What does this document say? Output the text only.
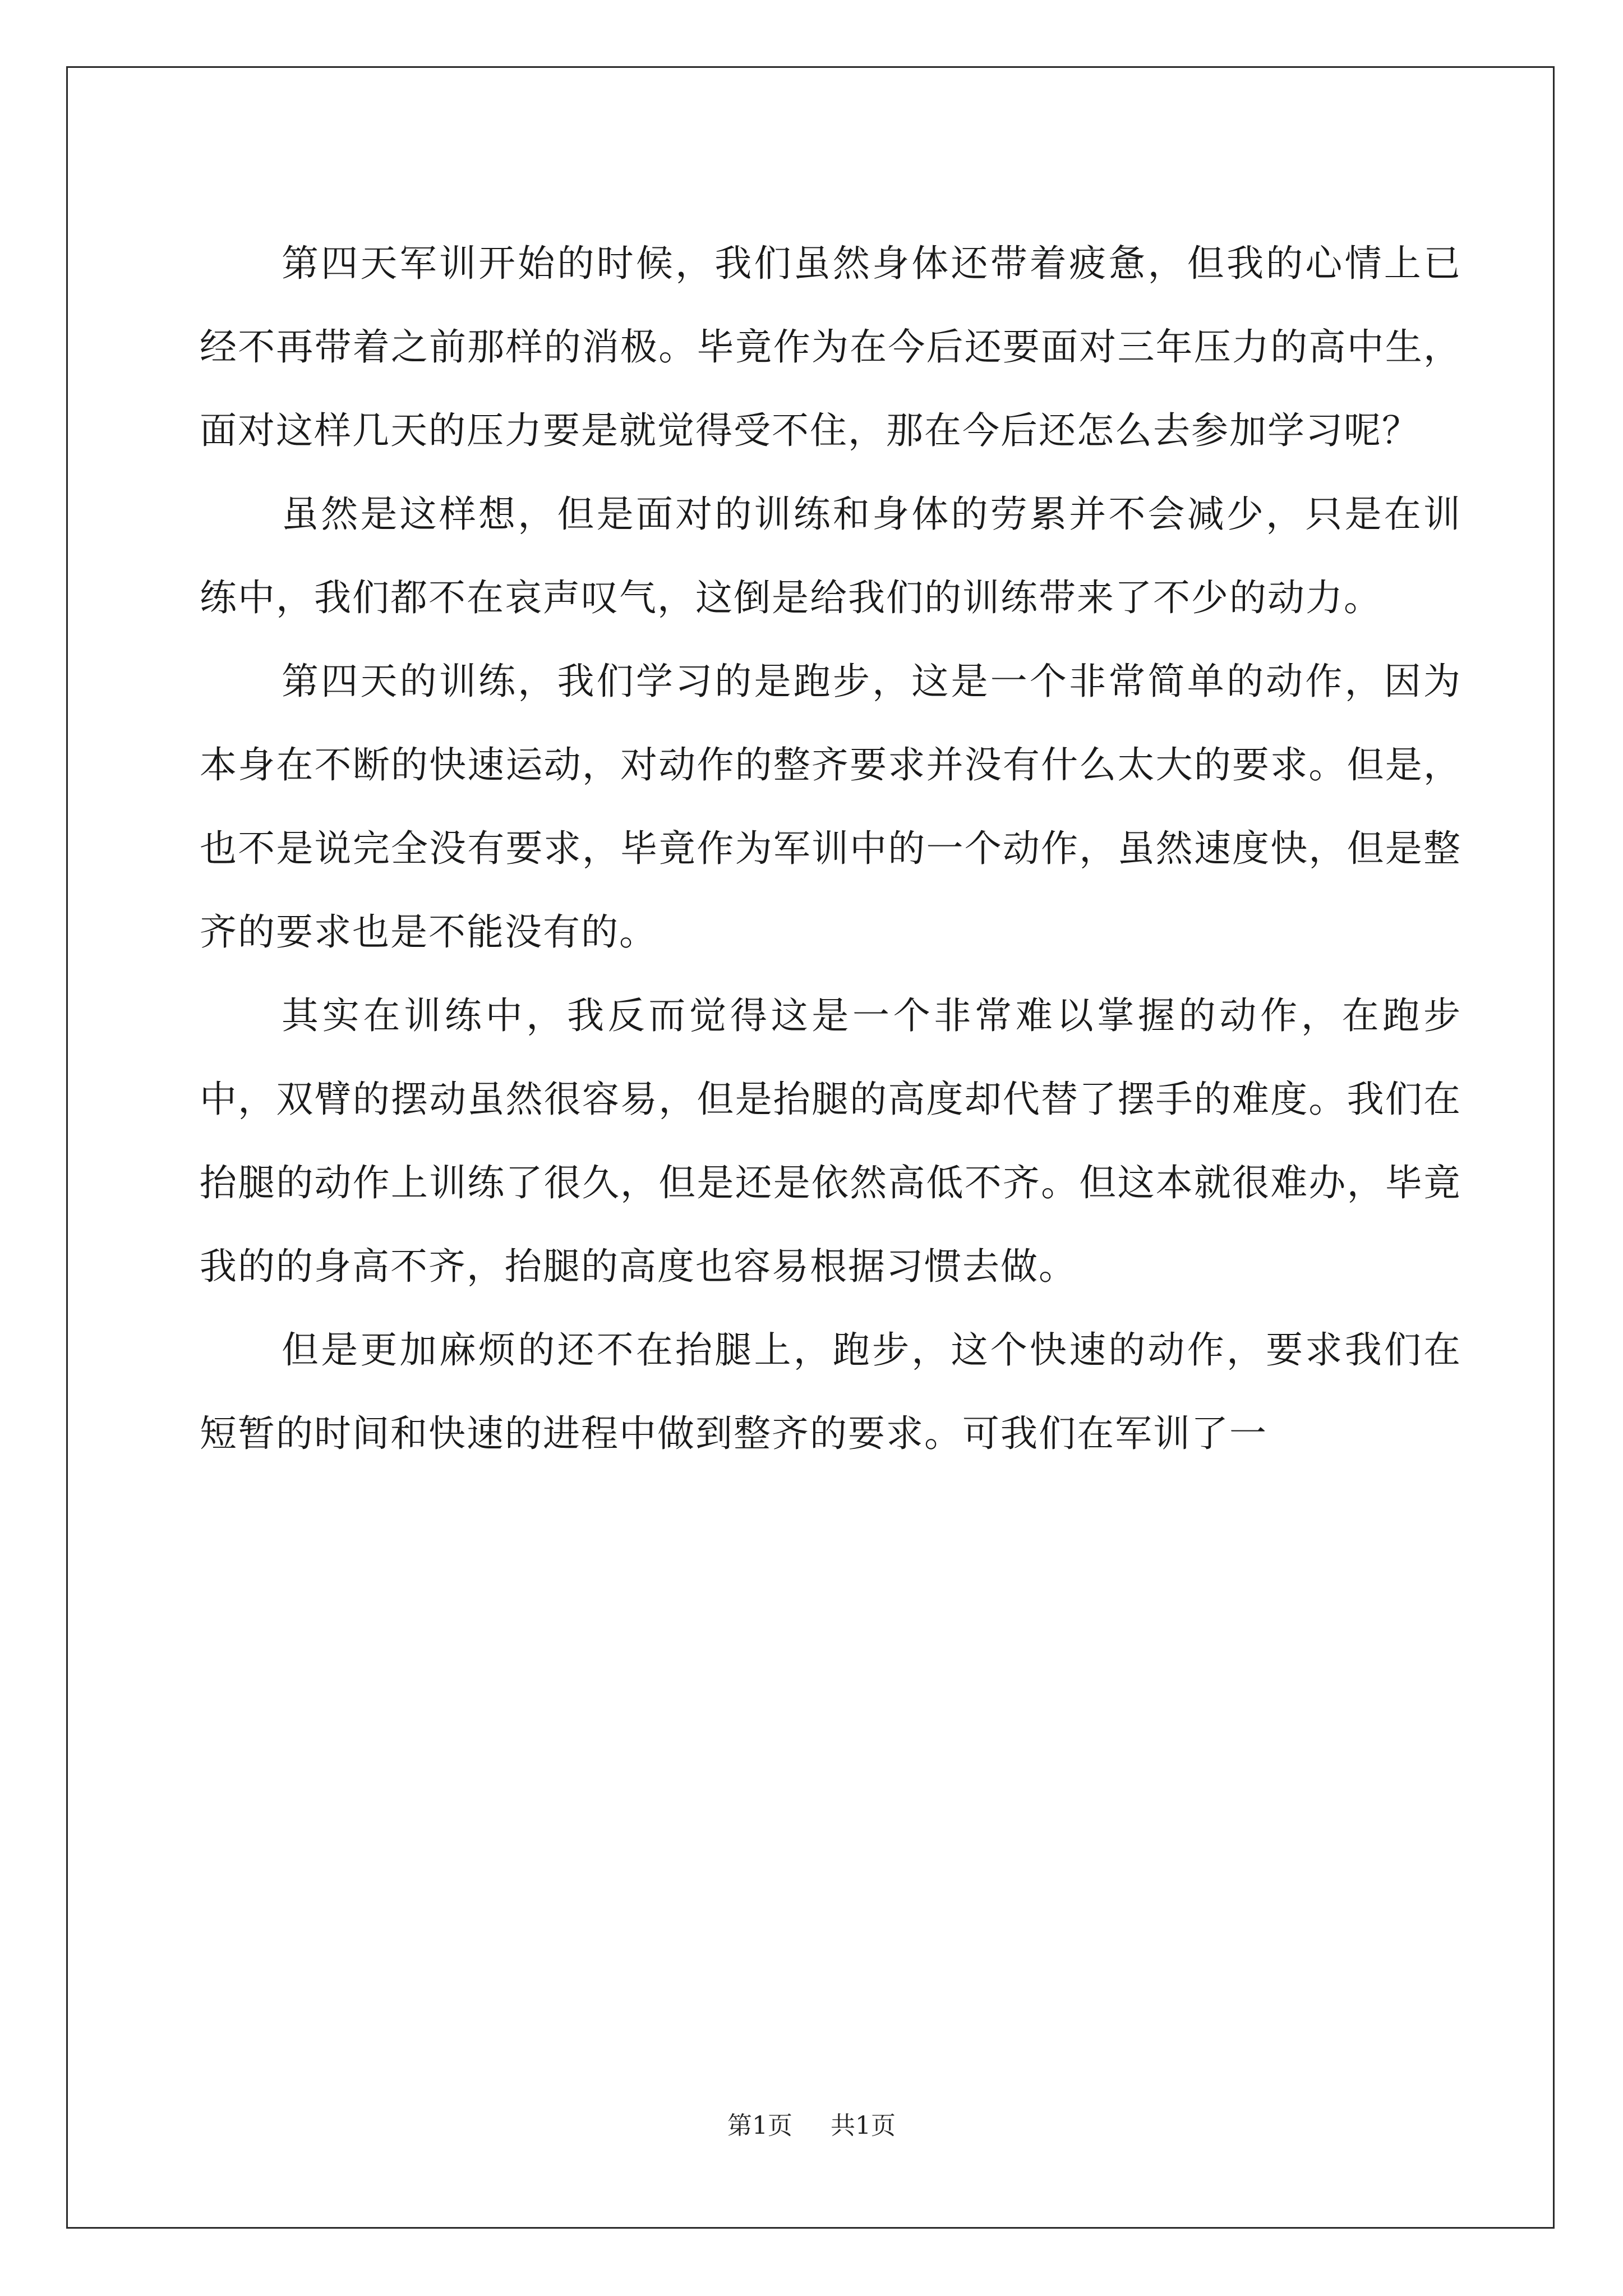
第四天军训开始的时候，我们虽然身体还带着疲惫，但我的心情上已经不再带着之前那样的消极。毕竟作为在今后还要面对三年压力的高中生，面对这样几天的压力要是就觉得受不住，那在今后还怎么去参加学习呢？

虽然是这样想，但是面对的训练和身体的劳累并不会减少，只是在训练中，我们都不在哀声叹气，这倒是给我们的训练带来了不少的动力。

第四天的训练，我们学习的是跑步，这是一个非常简单的动作，因为本身在不断的快速运动，对动作的整齐要求并没有什么太大的要求。但是，也不是说完全没有要求，毕竟作为军训中的一个动作，虽然速度快，但是整齐的要求也是不能没有的。

其实在训练中，我反而觉得这是一个非常难以掌握的动作，在跑步中，双臂的摆动虽然很容易，但是抬腿的高度却代替了摆手的难度。我们在抬腿的动作上训练了很久，但是还是依然高低不齐。但这本就很难办，毕竟我的的身高不齐，抬腿的高度也容易根据习惯去做。

但是更加麻烦的还不在抬腿上，跑步，这个快速的动作，要求我们在短暂的时间和快速的进程中做到整齐的要求。可我们在军训了一

第1页 共1页
